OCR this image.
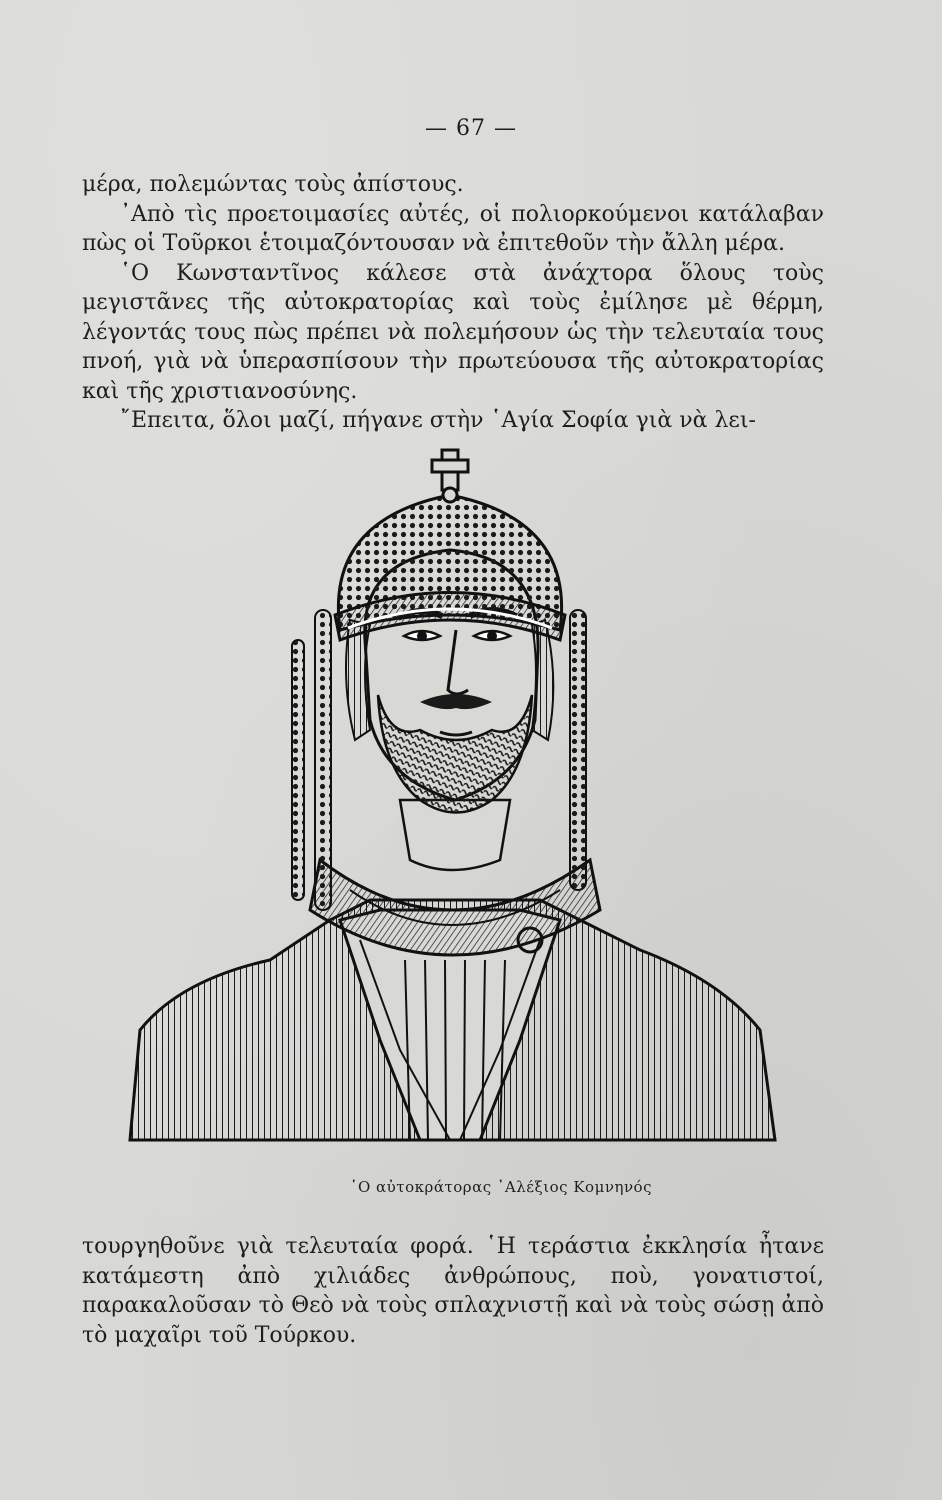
— 67 —

μέρα, πολεμώντας τοὺς ἀπίστους.

᾿Απὸ τὶς προετοιμασίες αὐτές, οἱ πολιορκούμενοι κατάλαβαν πὼς οἱ Τοῦρκοι ἑτοιμαζόντουσαν νὰ ἐπιτεθοῦν τὴν ἄλλη μέρα.

῾Ο Κωνσταντῖνος κάλεσε στὰ ἀνάχτορα ὅλους τοὺς μεγιστᾶνες τῆς αὐτοκρατορίας καὶ τοὺς ἐμίλησε μὲ θέρμη, λέγοντάς τους πὼς πρέπει νὰ πολεμήσουν ὡς τὴν τελευταία τους πνοή, γιὰ νὰ ὑπερασπίσουν τὴν πρωτεύουσα τῆς αὐτοκρατορίας καὶ τῆς χριστιανοσύνης.

῎Επειτα, ὅλοι μαζί, πήγανε στὴν ῾Αγία Σοφία γιὰ νὰ λει-

῾Ο αὐτοκράτορας ᾿Αλέξιος Κομνηνός

τουργηθοῦνε γιὰ τελευταία φορά. ῾Η τεράστια ἐκκλησία ἦτανε κατάμεστη ἀπὸ χιλιάδες ἀνθρώπους, ποὺ, γονατιστοί, παρακαλοῦσαν τὸ Θεὸ νὰ τοὺς σπλαχνιστῇ καὶ νὰ τοὺς σώσῃ ἀπὸ τὸ μαχαῖρι τοῦ Τούρκου.
